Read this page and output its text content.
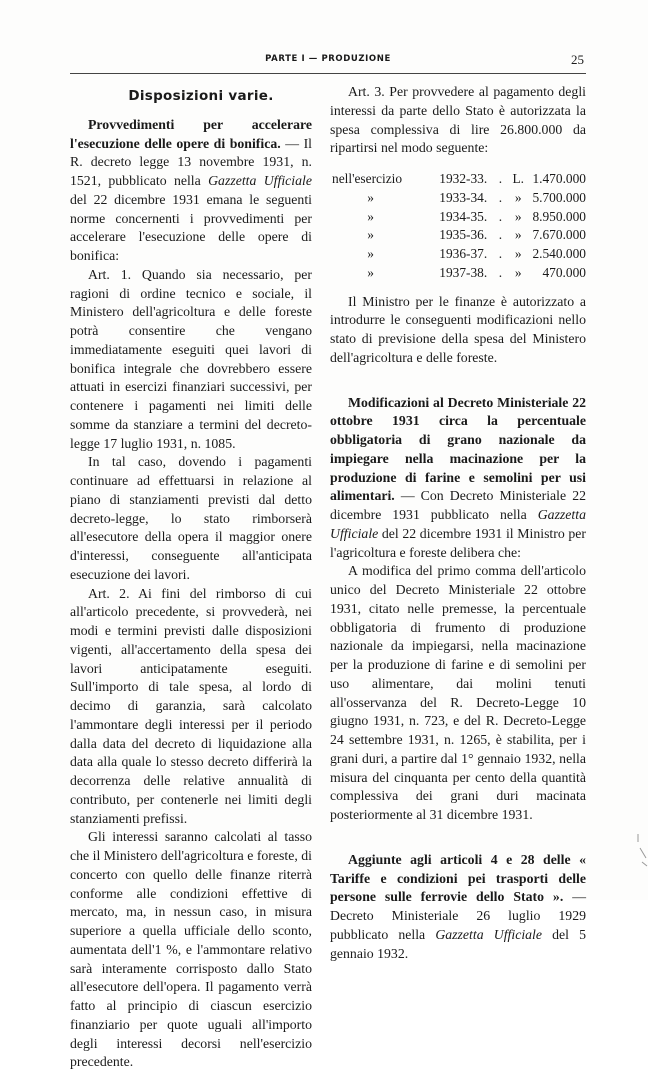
PARTE I — PRODUZIONE	25
Disposizioni varie.

Provvedimenti per accelerare l'esecuzione delle opere di bonifica. — Il R. decreto legge 13 novembre 1931, n. 1521, pubblicato nella Gazzetta Ufficiale del 22 dicembre 1931 emana le seguenti norme concernenti i provvedimenti per accelerare l'esecuzione delle opere di bonifica:

Art. 1. Quando sia necessario, per ragioni di ordine tecnico e sociale, il Ministero dell'agricoltura e delle foreste potrà consentire che vengano immediatamente eseguiti quei lavori di bonifica integrale che dovrebbero essere attuati in esercizi finanziari successivi, per contenere i pagamenti nei limiti delle somme da stanziare a termini del decreto-legge 17 luglio 1931, n. 1085.

In tal caso, dovendo i pagamenti continuare ad effettuarsi in relazione al piano di stanziamenti previsti dal detto decreto-legge, lo stato rimborserà all'esecutore della opera il maggior onere d'interessi, conseguente all'anticipata esecuzione dei lavori.

Art. 2. Ai fini del rimborso di cui all'articolo precedente, si provvederà, nei modi e termini previsti dalle disposizioni vigenti, all'accertamento della spesa dei lavori anticipatamente eseguiti. Sull'importo di tale spesa, al lordo di decimo di garanzia, sarà calcolato l'ammontare degli interessi per il periodo dalla data del decreto di liquidazione alla data alla quale lo stesso decreto differirà la decorrenza delle relative annualità di contributo, per contenerle nei limiti degli stanziamenti prefissi.

Gli interessi saranno calcolati al tasso che il Ministero dell'agricoltura e foreste, di concerto con quello delle finanze riterrà conforme alle condizioni effettive di mercato, ma, in nessun caso, in misura superiore a quella ufficiale dello sconto, aumentata dell'1 %, e l'ammontare relativo sarà interamente corrisposto dallo Stato all'esecutore dell'opera. Il pagamento verrà fatto al principio di ciascun esercizio finanziario per quote uguali all'importo degli interessi decorsi nell'esercizio precedente.

Art. 3. Per provvedere al pagamento degli interessi da parte dello Stato è autorizzata la spesa complessiva di lire 26.800.000 da ripartirsi nel modo seguente:

nell'esercizio	1932-33.	.	L.	1.470.000
»	1933-34.	.	»	5.700.000
»	1934-35.	.	»	8.950.000
»	1935-36.	.	»	7.670.000
»	1936-37.	.	»	2.540.000
»	1937-38.	.	»	470.000

Il Ministro per le finanze è autorizzato a introdurre le conseguenti modificazioni nello stato di previsione della spesa del Ministero dell'agricoltura e delle foreste.

Modificazioni al Decreto Ministeriale 22 ottobre 1931 circa la percentuale obbligatoria di grano nazionale da impiegare nella macinazione per la produzione di farine e semolini per usi alimentari. — Con Decreto Ministeriale 22 dicembre 1931 pubblicato nella Gazzetta Ufficiale del 22 dicembre 1931 il Ministro per l'agricoltura e foreste delibera che:

A modifica del primo comma dell'articolo unico del Decreto Ministeriale 22 ottobre 1931, citato nelle premesse, la percentuale obbligatoria di frumento di produzione nazionale da impiegarsi, nella macinazione per la produzione di farine e di semolini per uso alimentare, dai molini tenuti all'osservanza del R. Decreto-Legge 10 giugno 1931, n. 723, e del R. Decreto-Legge 24 settembre 1931, n. 1265, è stabilita, per i grani duri, a partire dal 1° gennaio 1932, nella misura del cinquanta per cento della quantità complessiva dei grani duri macinata posteriormente al 31 dicembre 1931.

Aggiunte agli articoli 4 e 28 delle « Tariffe e condizioni pei trasporti delle persone sulle ferrovie dello Stato ». — Decreto Ministeriale 26 luglio 1929 pubblicato nella Gazzetta Ufficiale del 5 gennaio 1932.
